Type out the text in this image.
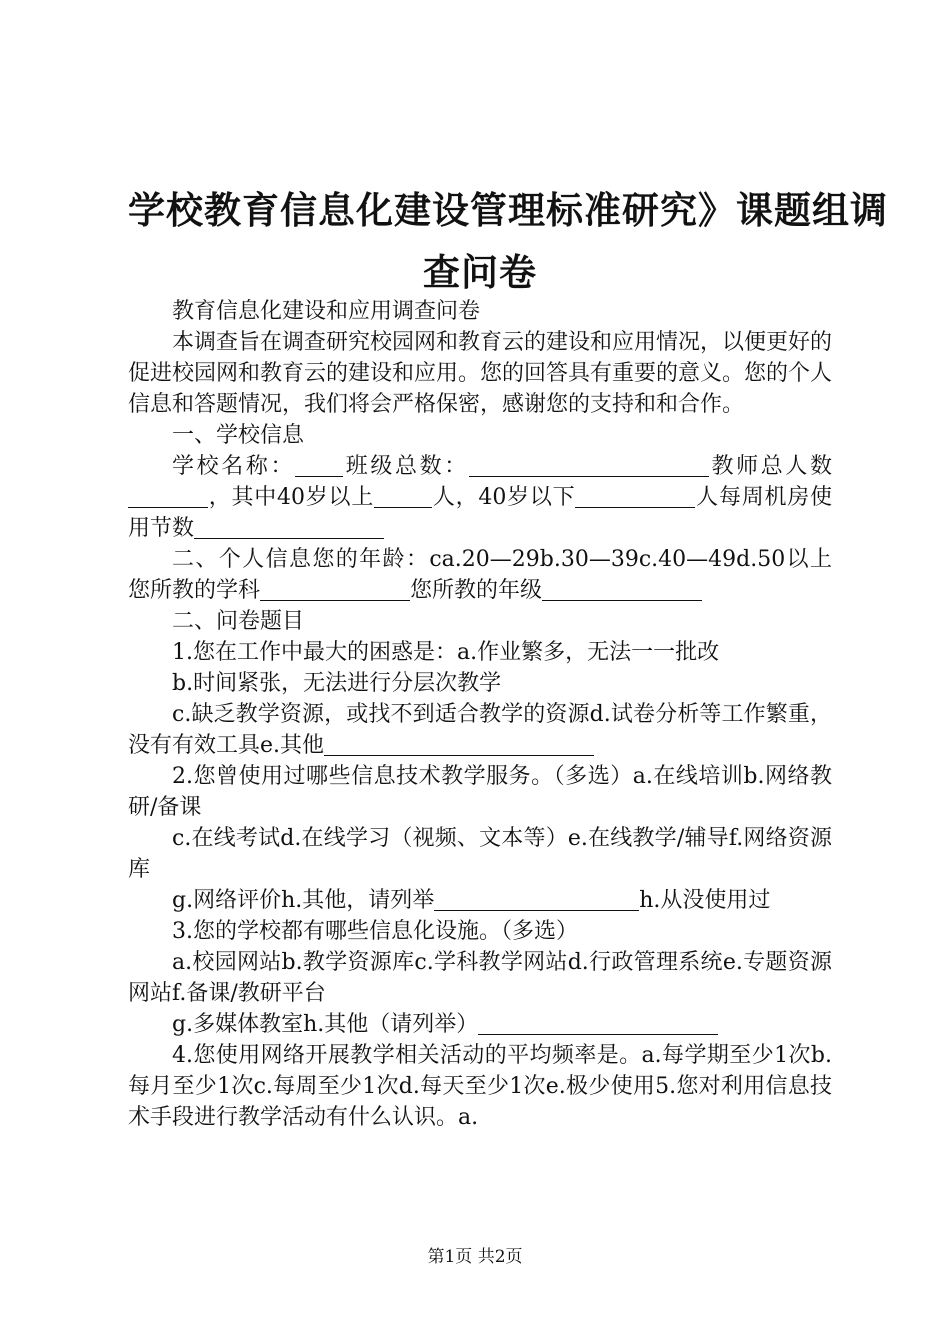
学校教育信息化建设管理标准研究》课题组调
查问卷

教育信息化建设和应用调查问卷

本调查旨在调查研究校园网和教育云的建设和应用情况，以便更好的促进校园网和教育云的建设和应用。您的回答具有重要的意义。您的个人信息和答题情况，我们将会严格保密，感谢您的支持和和合作。

一、学校信息

学校名称： 班级总数：	教师总人数，其中40岁以上	人，40岁以下	人每周机房使用节数

二、个人信息您的年龄：ca.20—29b.30—39c.40—49d.50以上您所教的学科	您所教的年级

二、问卷题目

1.您在工作中最大的困惑是：a.作业繁多，无法一一批改

b.时间紧张，无法进行分层次教学

c.缺乏教学资源，或找不到适合教学的资源d.试卷分析等工作繁重，没有有效工具e.其他

2.您曾使用过哪些信息技术教学服务。（多选）a.在线培训b.网络教研/备课

c.在线考试d.在线学习（视频、文本等）e.在线教学/辅导f.网络资源库

g.网络评价h.其他，请列举	h.从没使用过

3.您的学校都有哪些信息化设施。（多选）

a.校园网站b.教学资源库c.学科教学网站d.行政管理系统e.专题资源网站f.备课/教研平台

g.多媒体教室h.其他（请列举）

4.您使用网络开展教学相关活动的平均频率是。a.每学期至少1次b.每月至少1次c.每周至少1次d.每天至少1次e.极少使用5.您对利用信息技术手段进行教学活动有什么认识。a.

第1页 共2页
